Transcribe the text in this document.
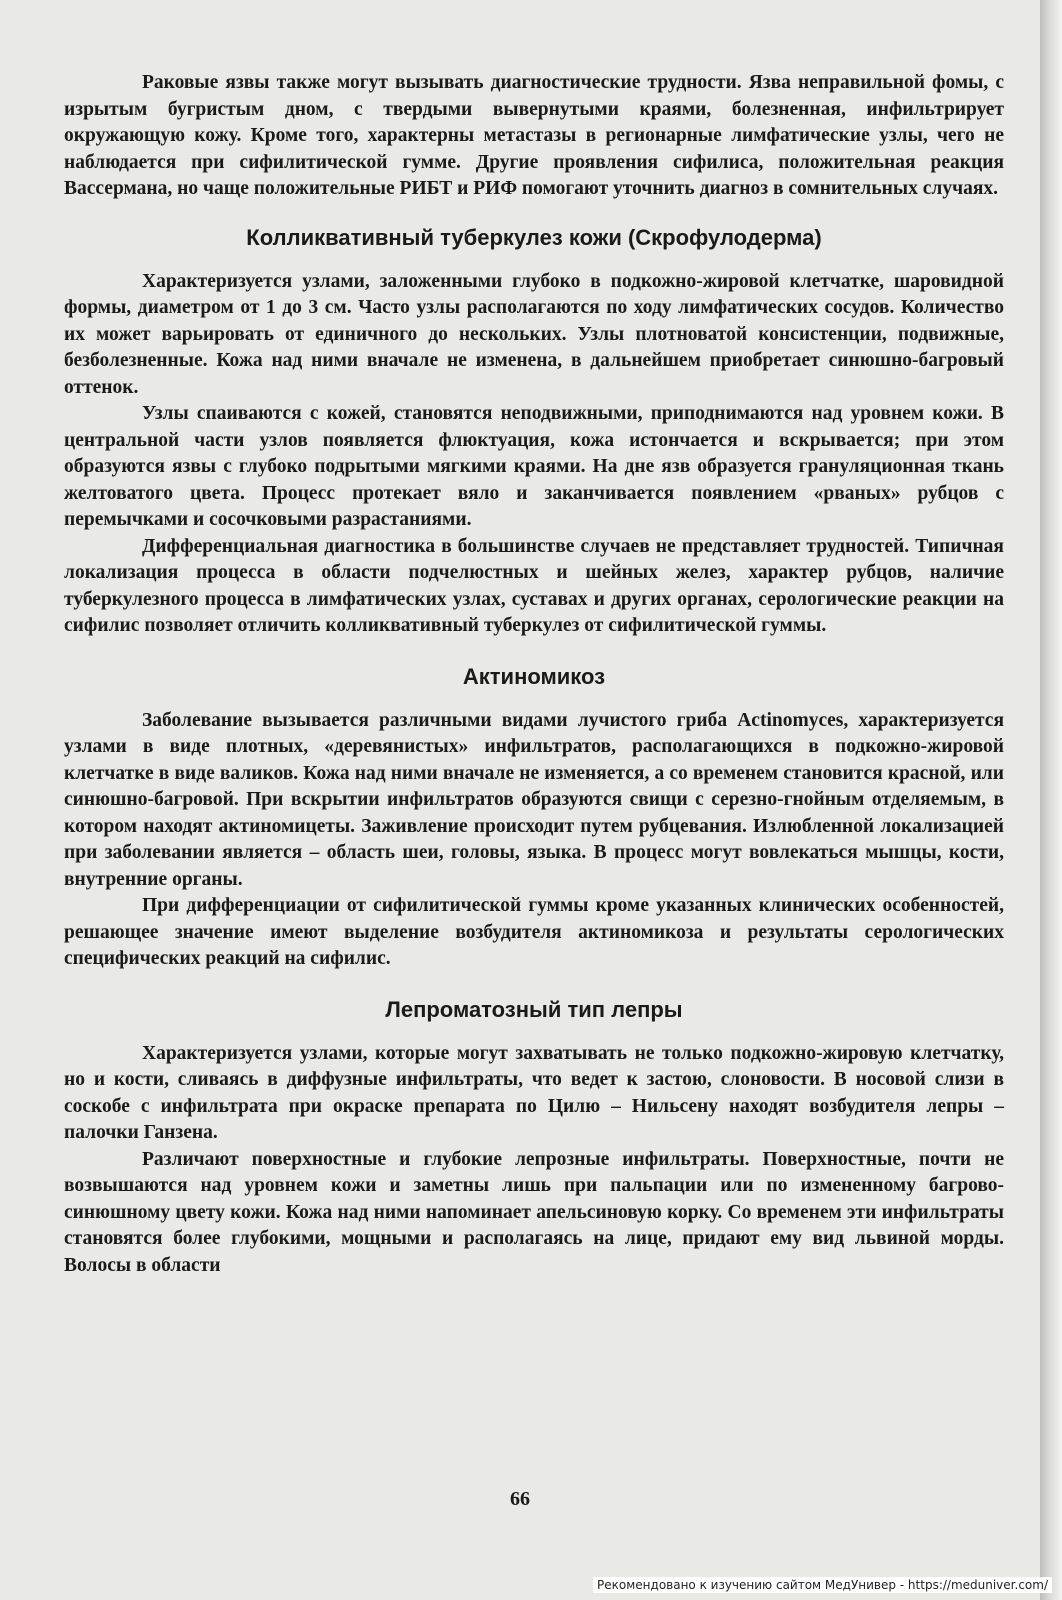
Раковые язвы также могут вызывать диагностические трудности. Язва неправильной фомы, с изрытым бугристым дном, с твердыми вывернутыми краями, болезненная, инфильтрирует окружающую кожу. Кроме того, характерны метастазы в регионарные лимфатические узлы, чего не наблюдается при сифилитической гумме. Другие проявления сифилиса, положительная реакция Вассермана, но чаще положительные РИБТ и РИФ помогают уточнить диагноз в сомнительных случаях.

Колликвативный туберкулез кожи (Скрофулодерма)

Характеризуется узлами, заложенными глубоко в подкожно-жировой клетчатке, шаровидной формы, диаметром от 1 до 3 см. Часто узлы располагаются по ходу лимфатических сосудов. Количество их может варьировать от единичного до нескольких. Узлы плотноватой консистенции, подвижные, безболезненные. Кожа над ними вначале не изменена, в дальнейшем приобретает синюшно-багровый оттенок.

Узлы спаиваются с кожей, становятся неподвижными, приподнимаются над уровнем кожи. В центральной части узлов появляется флюктуация, кожа истончается и вскрывается; при этом образуются язвы с глубоко подрытыми мягкими краями. На дне язв образуется грануляционная ткань желтоватого цвета. Процесс протекает вяло и заканчивается появлением «рваных» рубцов с перемычками и сосочковыми разрастаниями.

Дифференциальная диагностика в большинстве случаев не представляет трудностей. Типичная локализация процесса в области подчелюстных и шейных желез, характер рубцов, наличие туберкулезного процесса в лимфатических узлах, суставах и других органах, серологические реакции на сифилис позволяет отличить колликвативный туберкулез от сифилитической гуммы.

Актиномикоз

Заболевание вызывается различными видами лучистого гриба Actinomyces, характеризуется узлами в виде плотных, «деревянистых» инфильтратов, располагающихся в подкожно-жировой клетчатке в виде валиков. Кожа над ними вначале не изменяется, а со временем становится красной, или синюшно-багровой. При вскрытии инфильтратов образуются свищи с серезно-гнойным отделяемым, в котором находят актиномицеты. Заживление происходит путем рубцевания. Излюбленной локализацией при заболевании является – область шеи, головы, языка. В процесс могут вовлекаться мышцы, кости, внутренние органы.

При дифференциации от сифилитической гуммы кроме указанных клинических особенностей, решающее значение имеют выделение возбудителя актиномикоза и результаты серологических специфических реакций на сифилис.

Лепроматозный тип лепры

Характеризуется узлами, которые могут захватывать не только подкожно-жировую клетчатку, но и кости, сливаясь в диффузные инфильтраты, что ведет к застою, слоновости. В носовой слизи в соскобе с инфильтрата при окраске препарата по Цилю – Нильсену находят возбудителя лепры – палочки Ганзена.

Различают поверхностные и глубокие лепрозные инфильтраты. Поверхностные, почти не возвышаются над уровнем кожи и заметны лишь при пальпации или по измененному багрово-синюшному цвету кожи. Кожа над ними напоминает апельсиновую корку. Со временем эти инфильтраты становятся более глубокими, мощными и располагаясь на лице, придают ему вид львиной морды. Волосы в области

66
Рекомендовано к изучению сайтом МедУнивер - https://meduniver.com/
